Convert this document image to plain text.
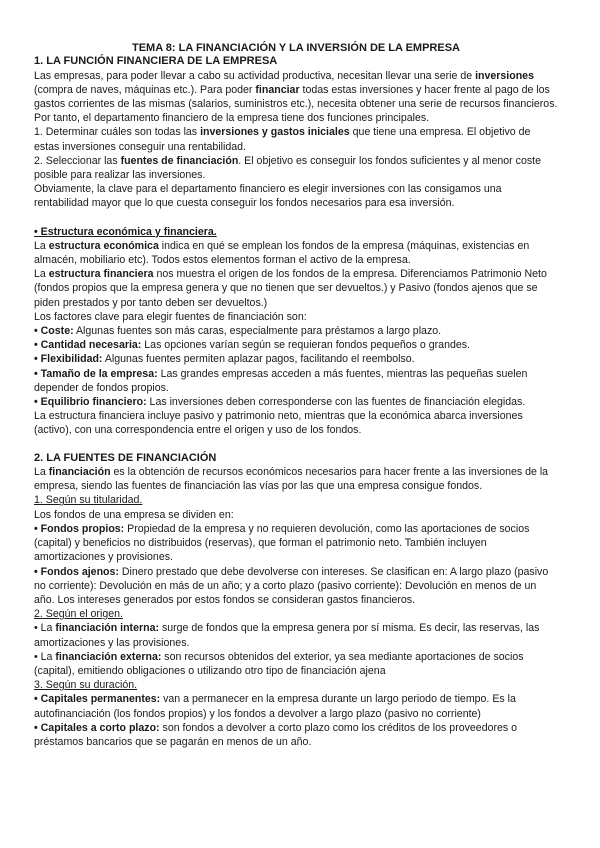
TEMA 8: LA FINANCIACIÓN Y LA INVERSIÓN DE LA EMPRESA

1. LA FUNCIÓN FINANCIERA DE LA EMPRESA

Las empresas, para poder llevar a cabo su actividad productiva, necesitan llevar una serie de inversiones (compra de naves, máquinas etc.). Para poder financiar todas estas inversiones y hacer frente al pago de los gastos corrientes de las mismas (salarios, suministros etc.), necesita obtener una serie de recursos financieros.

Por tanto, el departamento financiero de la empresa tiene dos funciones principales.

1. Determinar cuáles son todas las inversiones y gastos iniciales que tiene una empresa. El objetivo de estas inversiones conseguir una rentabilidad.

2. Seleccionar las fuentes de financiación. El objetivo es conseguir los fondos suficientes y al menor coste posible para realizar las inversiones.

Obviamente, la clave para el departamento financiero es elegir inversiones con las consigamos una rentabilidad mayor que lo que cuesta conseguir los fondos necesarios para esa inversión.

• Estructura económica y financiera.

La estructura económica indica en qué se emplean los fondos de la empresa (máquinas, existencias en almacén, mobiliario etc). Todos estos elementos forman el activo de la empresa.

La estructura financiera nos muestra el origen de los fondos de la empresa. Diferenciamos Patrimonio Neto (fondos propios que la empresa genera y que no tienen que ser devueltos.) y Pasivo (fondos ajenos que se piden prestados y por tanto deben ser devueltos.)

Los factores clave para elegir fuentes de financiación son:

• Coste: Algunas fuentes son más caras, especialmente para préstamos a largo plazo.

• Cantidad necesaria: Las opciones varían según se requieran fondos pequeños o grandes.

• Flexibilidad: Algunas fuentes permiten aplazar pagos, facilitando el reembolso.

• Tamaño de la empresa: Las grandes empresas acceden a más fuentes, mientras las pequeñas suelen depender de fondos propios.

• Equilibrio financiero: Las inversiones deben corresponderse con las fuentes de financiación elegidas.

La estructura financiera incluye pasivo y patrimonio neto, mientras que la económica abarca inversiones (activo), con una correspondencia entre el origen y uso de los fondos.

2. LA FUENTES DE FINANCIACIÓN

La financiación es la obtención de recursos económicos necesarios para hacer frente a las inversiones de la empresa, siendo las fuentes de financiación las vías por las que una empresa consigue fondos.

1. Según su titularidad.

Los fondos de una empresa se dividen en:

• Fondos propios: Propiedad de la empresa y no requieren devolución, como las aportaciones de socios (capital) y beneficios no distribuidos (reservas), que forman el patrimonio neto. También incluyen amortizaciones y provisiones.

• Fondos ajenos: Dinero prestado que debe devolverse con intereses. Se clasifican en: A largo plazo (pasivo no corriente): Devolución en más de un año; y a corto plazo (pasivo corriente): Devolución en menos de un año. Los intereses generados por estos fondos se consideran gastos financieros.

2. Según el origen.

• La financiación interna: surge de fondos que la empresa genera por sí misma. Es decir, las reservas, las amortizaciones y las provisiones.

• La financiación externa: son recursos obtenidos del exterior, ya sea mediante aportaciones de socios (capital), emitiendo obligaciones o utilizando otro tipo de financiación ajena

3. Según su duración.

• Capitales permanentes: van a permanecer en la empresa durante un largo periodo de tiempo. Es la autofinanciación (los fondos propios) y los fondos a devolver a largo plazo (pasivo no corriente)

• Capitales a corto plazo: son fondos a devolver a corto plazo como los créditos de los proveedores o préstamos bancarios que se pagarán en menos de un año.
